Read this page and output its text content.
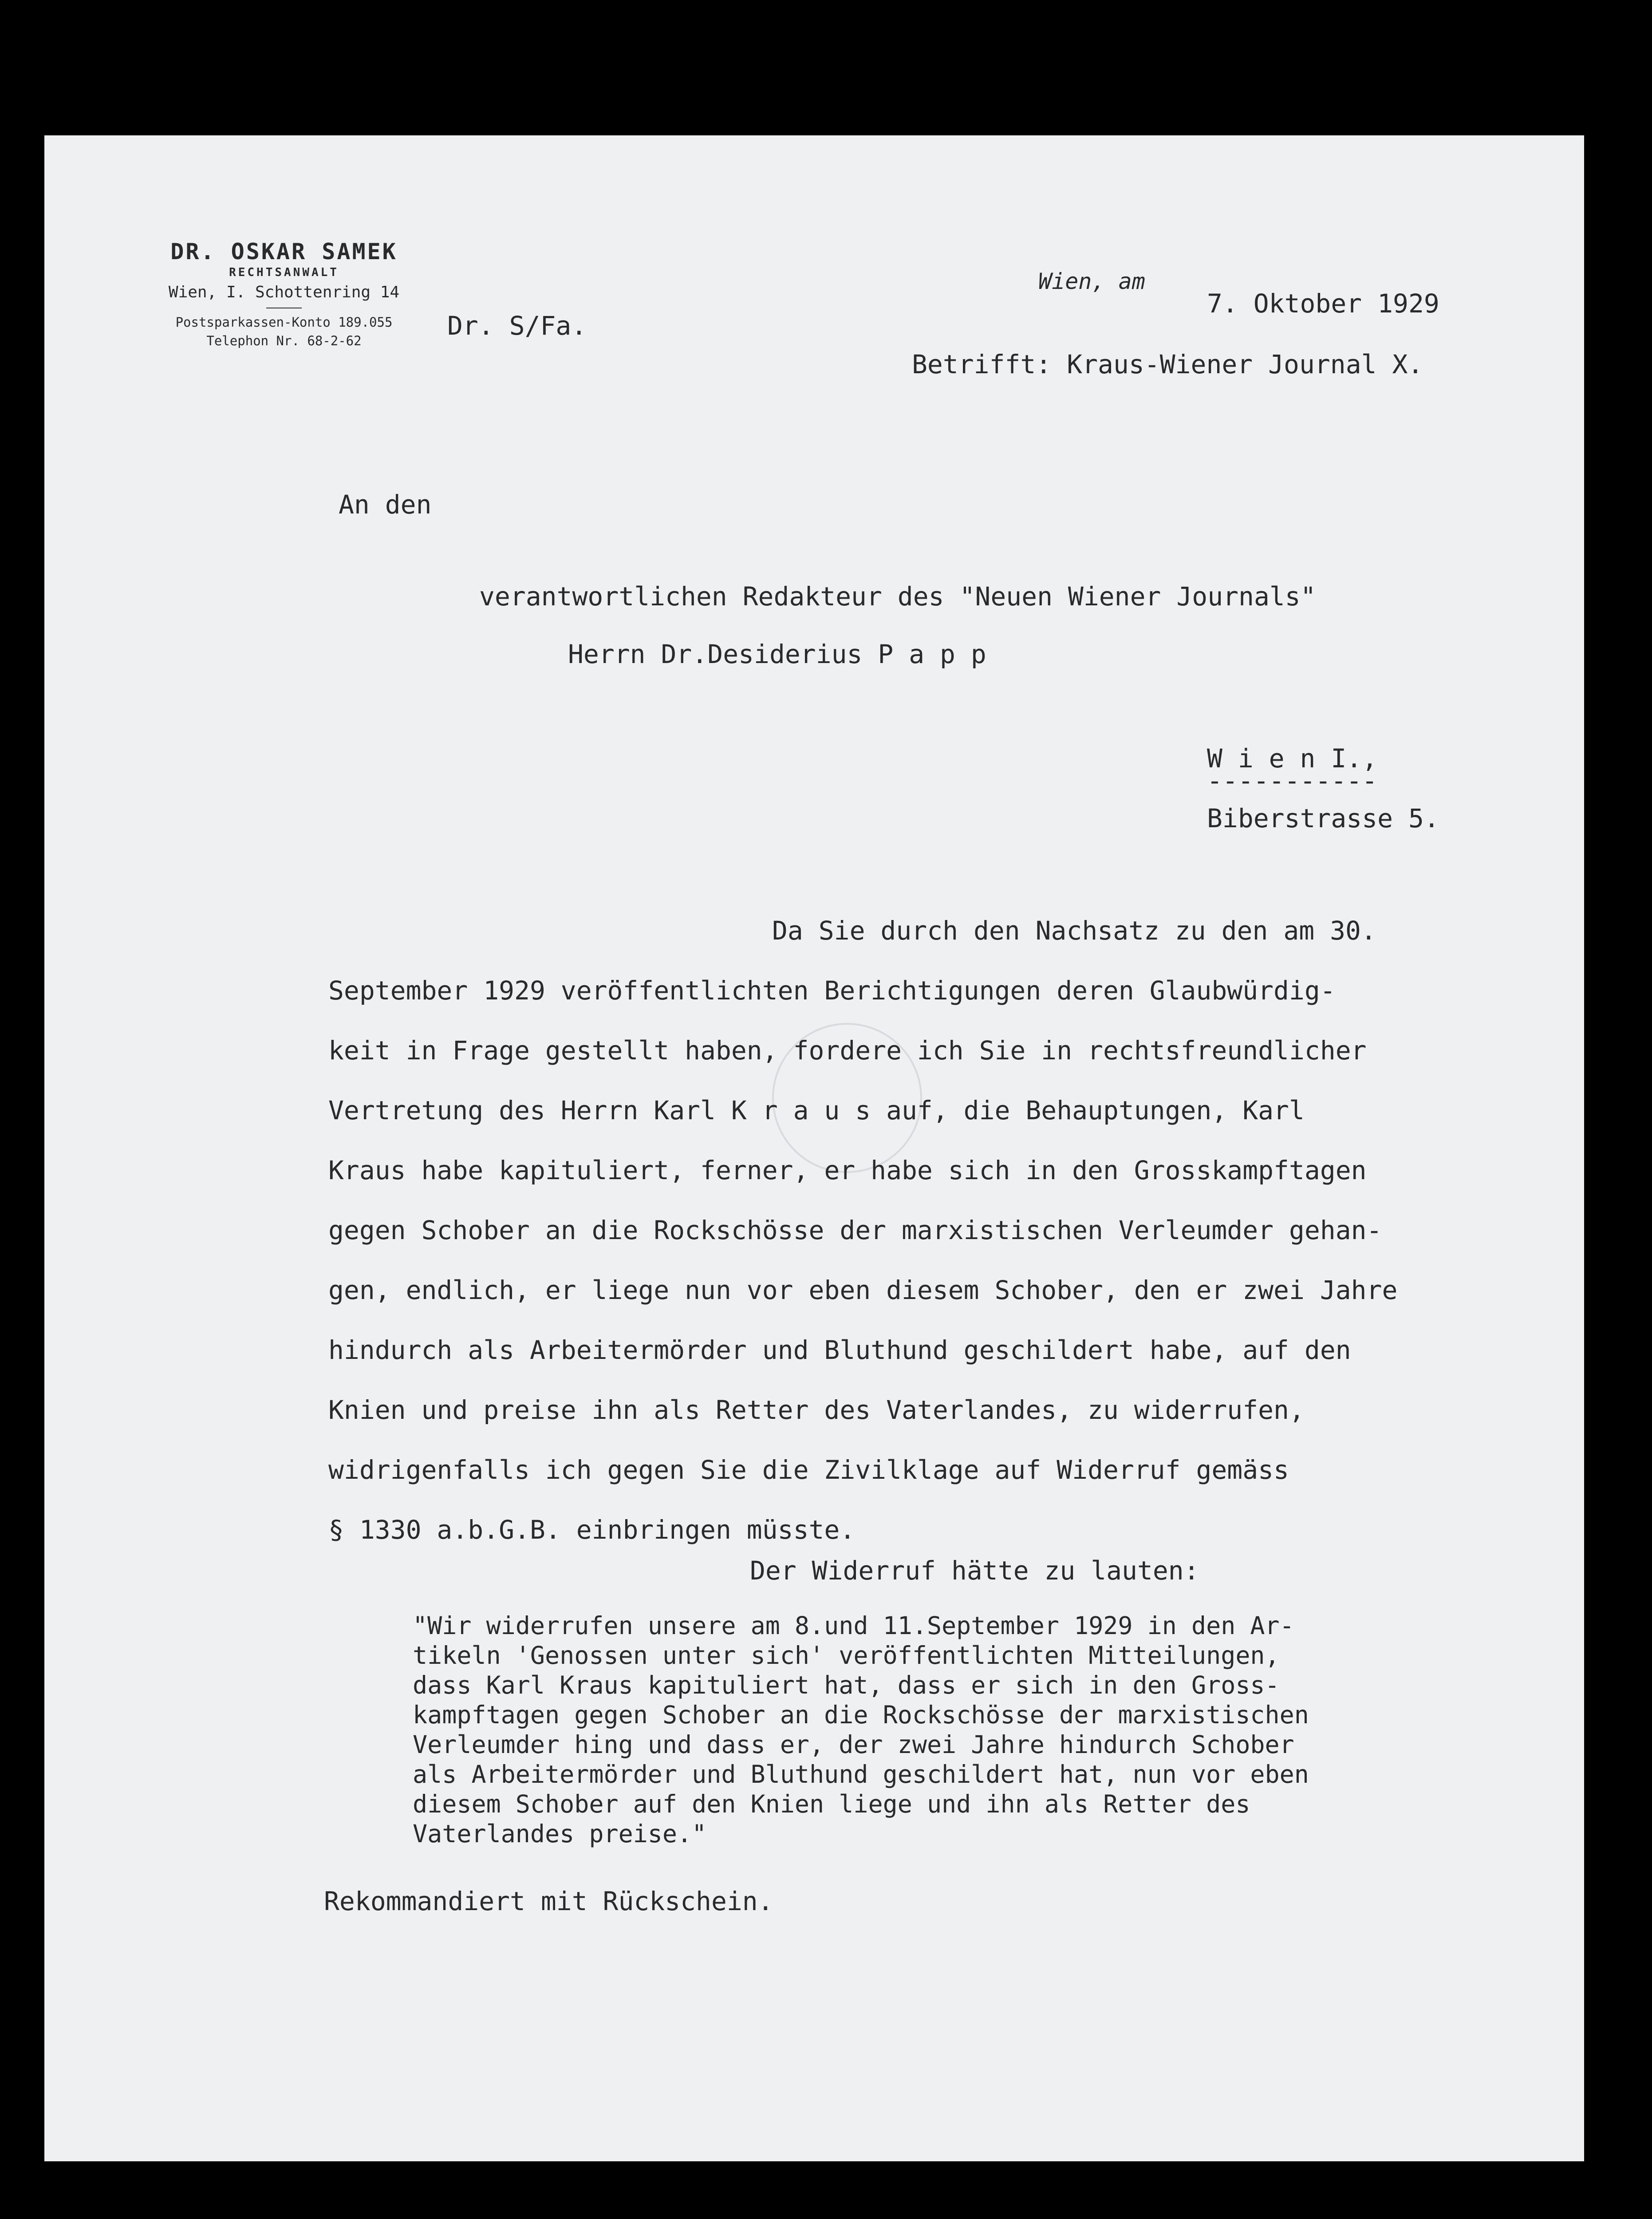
DR. OSKAR SAMEK

RECHTSANWALT

Wien, I. Schottenring 14

Postsparkassen-Konto 189.055

Telephon Nr. 68-2-62	Dr. S/Fa.

Wien, am

7. Oktober 1929

Betrifft: Kraus-Wiener Journal X.

An den

verantwortlichen Redakteur des "Neuen Wiener Journals"

Herrn Dr.Desiderius P a p p

W i e n I.,

-----------

Biberstrasse 5.

Da Sie durch den Nachsatz zu den am 30.

September 1929 veröffentlichten Berichtigungen deren Glaubwürdig-

keit in Frage gestellt haben, fordere ich Sie in rechtsfreundlicher

Vertretung des Herrn Karl K r a u s auf, die Behauptungen, Karl

Kraus habe kapituliert, ferner, er habe sich in den Grosskampftagen

gegen Schober an die Rockschösse der marxistischen Verleumder gehan-

gen, endlich, er liege nun vor eben diesem Schober, den er zwei Jahre

hindurch als Arbeitermörder und Bluthund geschildert habe, auf den

Knien und preise ihn als Retter des Vaterlandes, zu widerrufen,

widrigenfalls ich gegen Sie die Zivilklage auf Widerruf gemäss

§ 1330 a.b.G.B. einbringen müsste.

Der Widerruf hätte zu lauten:

"Wir widerrufen unsere am 8.und 11.September 1929 in den Ar-

tikeln 'Genossen unter sich' veröffentlichten Mitteilungen,

dass Karl Kraus kapituliert hat, dass er sich in den Gross-

kampftagen gegen Schober an die Rockschösse der marxistischen

Verleumder hing und dass er, der zwei Jahre hindurch Schober

als Arbeitermörder und Bluthund geschildert hat, nun vor eben

diesem Schober auf den Knien liege und ihn als Retter des

Vaterlandes preise."

Rekommandiert mit Rückschein.
